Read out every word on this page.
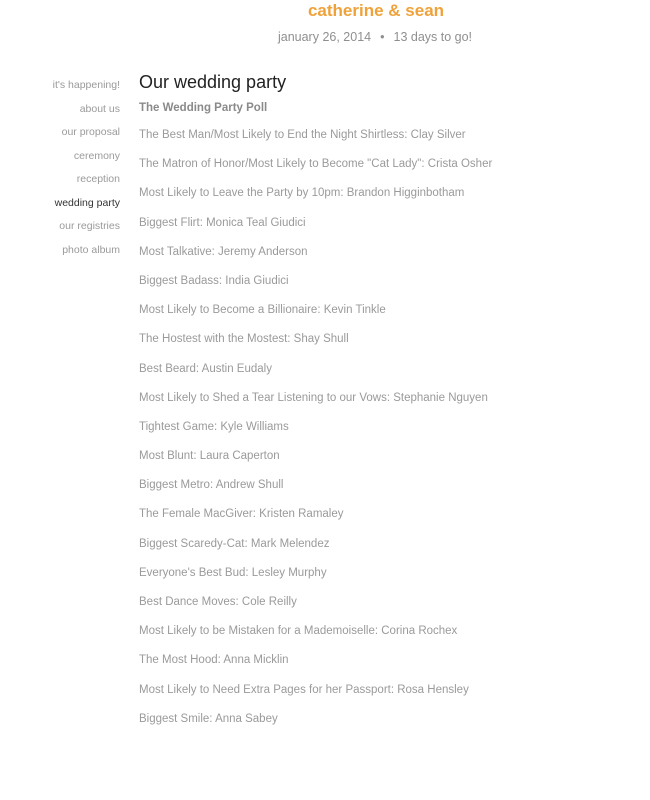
catherine & sean
january 26, 2014 • 13 days to go!
it's happening!
about us
our proposal
ceremony
reception
wedding party
our registries
photo album
Our wedding party
The Wedding Party Poll
The Best Man/Most Likely to End the Night Shirtless: Clay Silver
The Matron of Honor/Most Likely to Become "Cat Lady": Crista Osher
Most Likely to Leave the Party by 10pm: Brandon Higginbotham
Biggest Flirt: Monica Teal Giudici
Most Talkative: Jeremy Anderson
Biggest Badass: India Giudici
Most Likely to Become a Billionaire: Kevin Tinkle
The Hostest with the Mostest: Shay Shull
Best Beard: Austin Eudaly
Most Likely to Shed a Tear Listening to our Vows: Stephanie Nguyen
Tightest Game: Kyle Williams
Most Blunt: Laura Caperton
Biggest Metro: Andrew Shull
The Female MacGiver: Kristen Ramaley
Biggest Scaredy-Cat: Mark Melendez
Everyone's Best Bud: Lesley Murphy
Best Dance Moves: Cole Reilly
Most Likely to be Mistaken for a Mademoiselle: Corina Rochex
The Most Hood: Anna Micklin
Most Likely to Need Extra Pages for her Passport: Rosa Hensley
Biggest Smile: Anna Sabey
